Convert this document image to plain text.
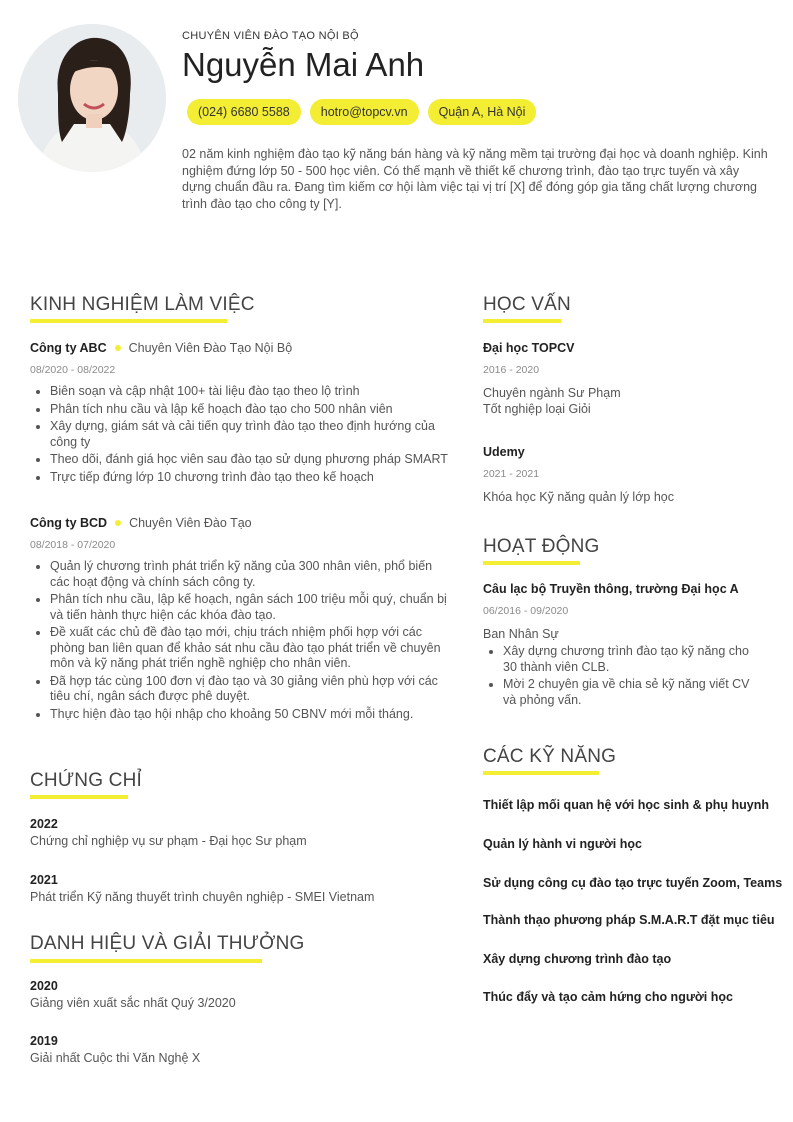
CHUYÊN VIÊN ĐÀO TẠO NỘI BỘ
Nguyễn Mai Anh
(024) 6680 5588	hotro@topcv.vn	Quận A, Hà Nội
02 năm kinh nghiệm đào tạo kỹ năng bán hàng và kỹ năng mềm tại trường đại học và doanh nghiệp. Kinh nghiệm đứng lớp 50 - 500 học viên. Có thế mạnh về thiết kế chương trình, đào tạo trực tuyến và xây dựng chuẩn đầu ra. Đang tìm kiếm cơ hội làm việc tại vị trí [X] để đóng góp gia tăng chất lượng chương trình đào tạo cho công ty [Y].
KINH NGHIỆM LÀM VIỆC
Công ty ABC Chuyên Viên Đào Tạo Nội Bộ
08/2020 - 08/2022
• Biên soạn và cập nhật 100+ tài liệu đào tạo theo lộ trình
• Phân tích nhu cầu và lập kế hoạch đào tạo cho 500 nhân viên
• Xây dựng, giám sát và cải tiến quy trình đào tạo theo định hướng của công ty
• Theo dõi, đánh giá học viên sau đào tạo sử dụng phương pháp SMART
• Trực tiếp đứng lớp 10 chương trình đào tạo theo kế hoạch
Công ty BCD Chuyên Viên Đào Tạo
08/2018 - 07/2020
• Quản lý chương trình phát triển kỹ năng của 300 nhân viên, phổ biến các hoạt động và chính sách công ty.
• Phân tích nhu cầu, lập kế hoạch, ngân sách 100 triệu mỗi quý, chuẩn bị và tiến hành thực hiện các khóa đào tạo.
• Đề xuất các chủ đề đào tạo mới, chịu trách nhiệm phối hợp với các phòng ban liên quan để khảo sát nhu cầu đào tạo phát triển về chuyên môn và kỹ năng phát triển nghề nghiệp cho nhân viên.
• Đã hợp tác cùng 100 đơn vị đào tạo và 30 giảng viên phù hợp với các tiêu chí, ngân sách được phê duyệt.
• Thực hiện đào tạo hội nhập cho khoảng 50 CBNV mới mỗi tháng.
CHỨNG CHỈ
2022
Chứng chỉ nghiệp vụ sư phạm - Đại học Sư phạm
2021
Phát triển Kỹ năng thuyết trình chuyên nghiệp - SMEI Vietnam
DANH HIỆU VÀ GIẢI THƯỞNG
2020
Giảng viên xuất sắc nhất Quý 3/2020
2019
Giải nhất Cuộc thi Văn Nghệ X
HỌC VẤN
Đại học TOPCV
2016 - 2020
Chuyên ngành Sư Phạm
Tốt nghiệp loại Giỏi
Udemy
2021 - 2021
Khóa học Kỹ năng quản lý lớp học
HOẠT ĐỘNG
Câu lạc bộ Truyền thông, trường Đại học A
06/2016 - 09/2020
Ban Nhân Sự
• Xây dựng chương trình đào tạo kỹ năng cho 30 thành viên CLB.
• Mời 2 chuyên gia về chia sẻ kỹ năng viết CV và phỏng vấn.
CÁC KỸ NĂNG
Thiết lập mối quan hệ với học sinh & phụ huynh
Quản lý hành vi người học
Sử dụng công cụ đào tạo trực tuyến Zoom, Teams
Thành thạo phương pháp S.M.A.R.T đặt mục tiêu
Xây dựng chương trình đào tạo
Thúc đẩy và tạo cảm hứng cho người học
